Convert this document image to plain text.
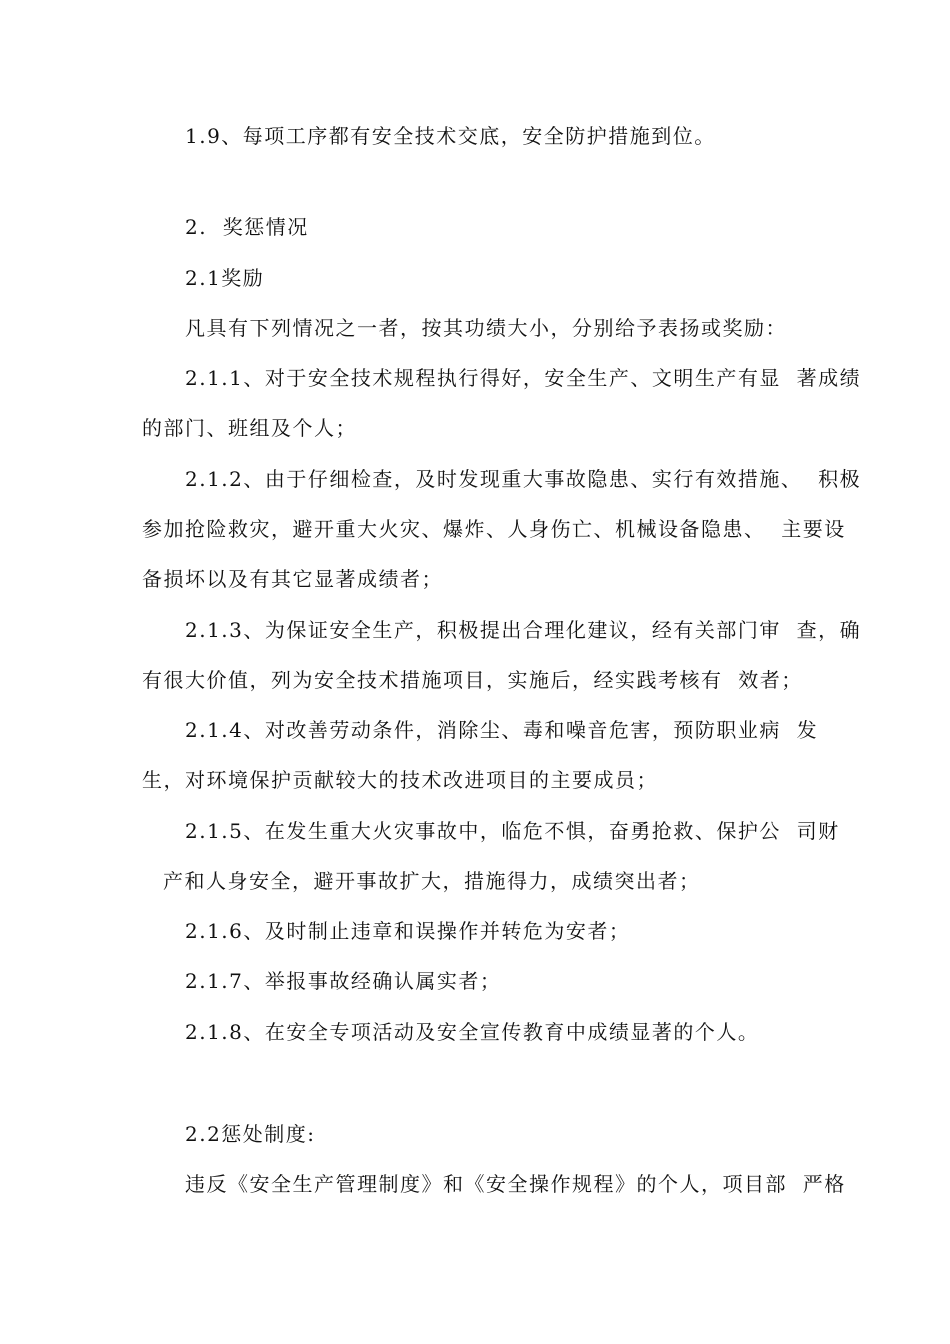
1.9、每项工序都有安全技术交底，安全防护措施到位。
2.  奖惩情况
2.1奖励
凡具有下列情况之一者，按其功绩大小，分别给予表扬或奖励：
2.1.1、对于安全技术规程执行得好，安全生产、文明生产有显  著成绩
的部门、班组及个人；
2.1.2、由于仔细检查，及时发现重大事故隐患、实行有效措施、  积极
参加抢险救灾，避开重大火灾、爆炸、人身伤亡、机械设备隐患、  主要设
备损坏以及有其它显著成绩者；
2.1.3、为保证安全生产，积极提出合理化建议，经有关部门审  查，确
有很大价值，列为安全技术措施项目，实施后，经实践考核有  效者；
2.1.4、对改善劳动条件，消除尘、毒和噪音危害，预防职业病  发
生，对环境保护贡献较大的技术改进项目的主要成员；
2.1.5、在发生重大火灾事故中，临危不惧，奋勇抢救、保护公  司财
产和人身安全，避开事故扩大，措施得力，成绩突出者；
2.1.6、及时制止违章和误操作并转危为安者；
2.1.7、举报事故经确认属实者；
2.1.8、在安全专项活动及安全宣传教育中成绩显著的个人。
2.2惩处制度:
违反《安全生产管理制度》和《安全操作规程》的个人，项目部  严格
